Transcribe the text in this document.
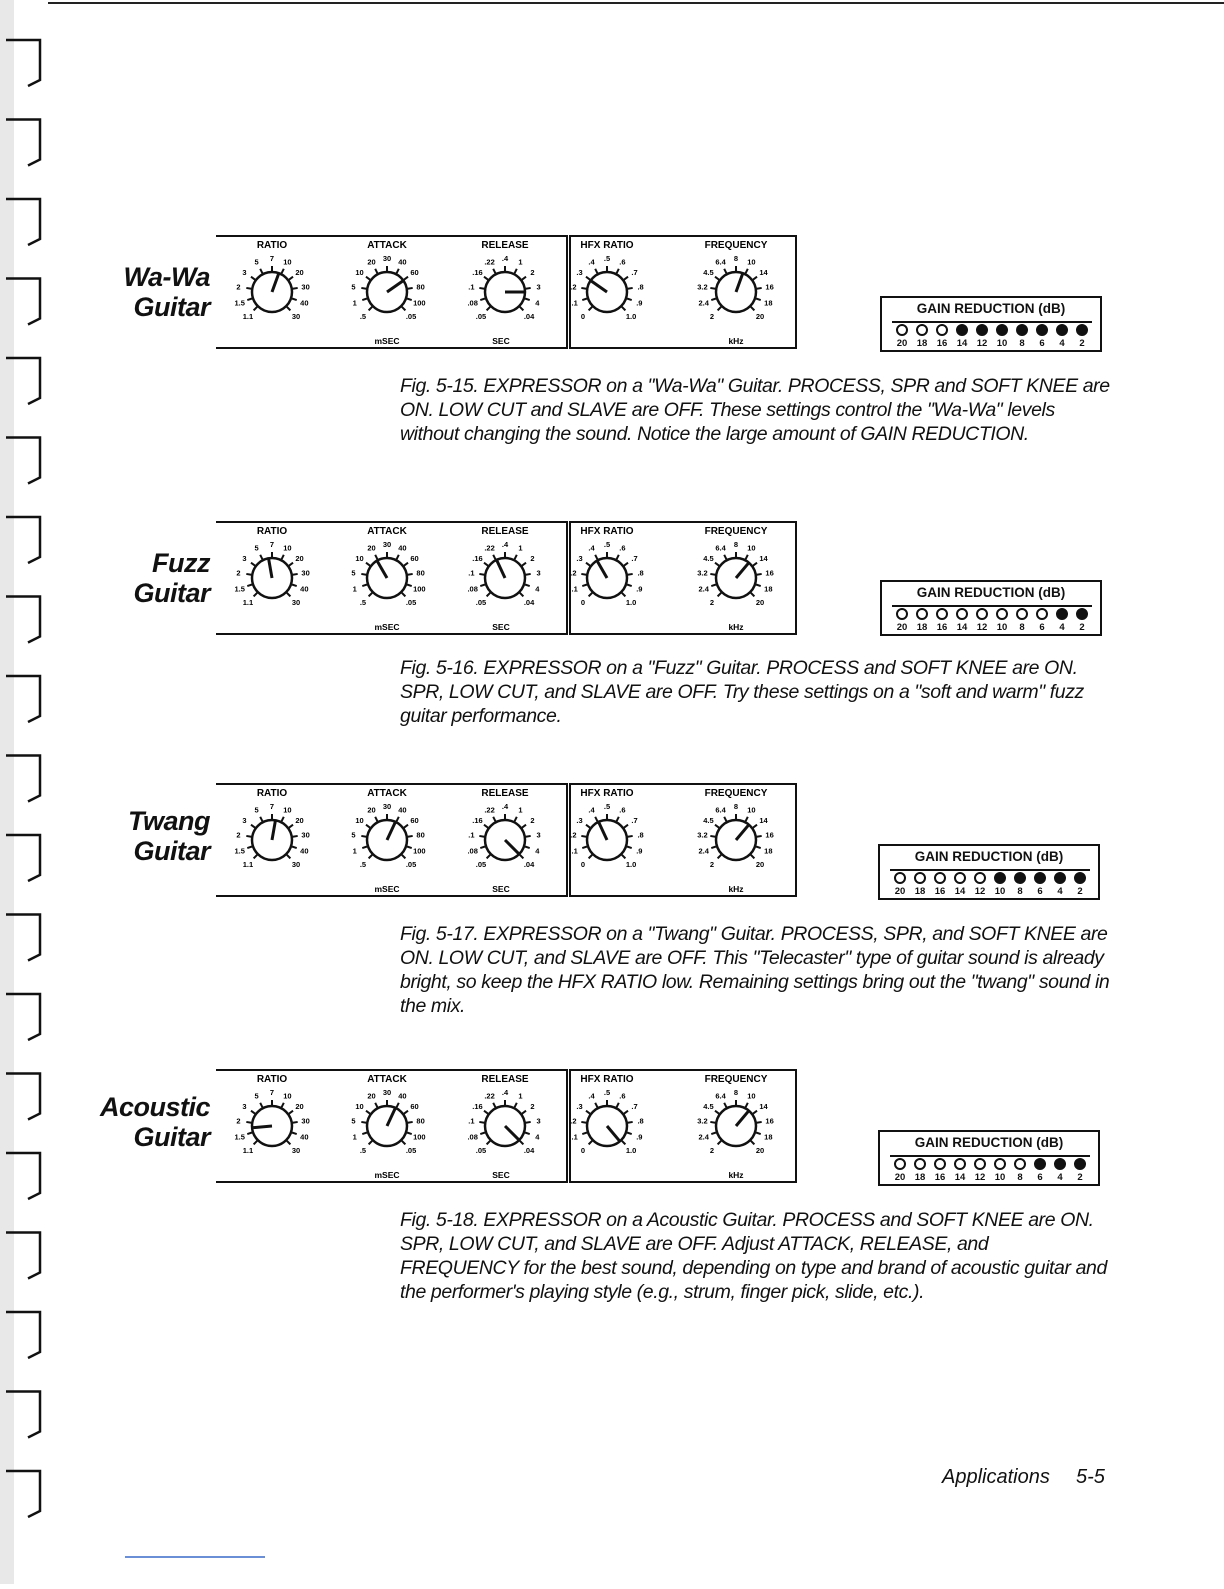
Wa-Wa
Guitar
RATIO
1.1
1.5
2
3
5 7 10
20
30
40
30
ATTACK
.5
1
5
10
20 30 40
60
80
100
.05
mSEC
RELEASE
.05
.08
.1
.16
.22 .4 1
2
3
4
.04
SEC
HFX RATIO
0
.1
.2
.3
.4 .5 .6
.7
.8
.9
1.0
FREQUENCY
2
2.4
3.2
4.5
6.4 8 10
14
16
18
20
kHz
GAIN REDUCTION (dB)
20 18 16 14 12 10	8	6	4	2
Fig. 5-15. EXPRESSOR on a "Wa-Wa" Guitar. PROCESS, SPR and SOFT KNEE are ON. LOW CUT and SLAVE are OFF. These settings control the "Wa-Wa" levels without changing the sound. Notice the large amount of GAIN REDUCTION.
Fuzz
Guitar
RATIO
1.1
1.5
2
3
5 7 10
20
30
40
30
ATTACK
.5
1
5
10
20 30 40
60
80
100
.05
mSEC
RELEASE
.05
.08
.1
.16
.22 .4 1
2
3
4
.04
SEC
HFX RATIO
0
.1
.2
.3
.4 .5 .6
.7
.8
.9
1.0
FREQUENCY
2
2.4
3.2
4.5
6.4 8 10
14
16
18
20
kHz
GAIN REDUCTION (dB)
20 18 16 14 12 10	8	6	4	2
Fig. 5-16. EXPRESSOR on a "Fuzz" Guitar. PROCESS and SOFT KNEE are ON. SPR, LOW CUT, and SLAVE are OFF. Try these settings on a "soft and warm" fuzz guitar performance.
Twang
Guitar
RATIO
1.1
1.5
2
3
5 7 10
20
30
40
30
ATTACK
.5
1
5
10
20 30 40
60
80
100
.05
mSEC
RELEASE
.05
.08
.1
.16
.22 .4 1
2
3
4
.04
SEC
HFX RATIO
0
.1
.2
.3
.4 .5 .6
.7
.8
.9
1.0
FREQUENCY
2
2.4
3.2
4.5
6.4 8 10
14
16
18
20
kHz
GAIN REDUCTION (dB)
20 18 16 14 12 10	8	6	4	2
Fig. 5-17. EXPRESSOR on a "Twang" Guitar. PROCESS, SPR, and SOFT KNEE are ON. LOW CUT, and SLAVE are OFF. This "Telecaster" type of guitar sound is already bright, so keep the HFX RATIO low. Remaining settings bring out the "twang" sound in the mix.
Acoustic
Guitar
RATIO
1.1
1.5
2
3
5 7 10
20
30
40
30
ATTACK
.5
1
5
10
20 30 40
60
80
100
.05
mSEC
RELEASE
.05
.08
.1
.16
.22 .4 1
2
3
4
.04
SEC
HFX RATIO
0
.1
.2
.3
.4 .5 .6
.7
.8
.9
1.0
FREQUENCY
2
2.4
3.2
4.5
6.4 8 10
14
16
18
20
kHz
GAIN REDUCTION (dB)
20 18 16 14 12 10	8	6	4	2
Fig. 5-18. EXPRESSOR on a Acoustic Guitar. PROCESS and SOFT KNEE are ON. SPR, LOW CUT, and SLAVE are OFF. Adjust ATTACK, RELEASE, and FREQUENCY for the best sound, depending on type and brand of acoustic guitar and the performer's playing style (e.g., strum, finger pick, slide, etc.).
Applications 5-5
